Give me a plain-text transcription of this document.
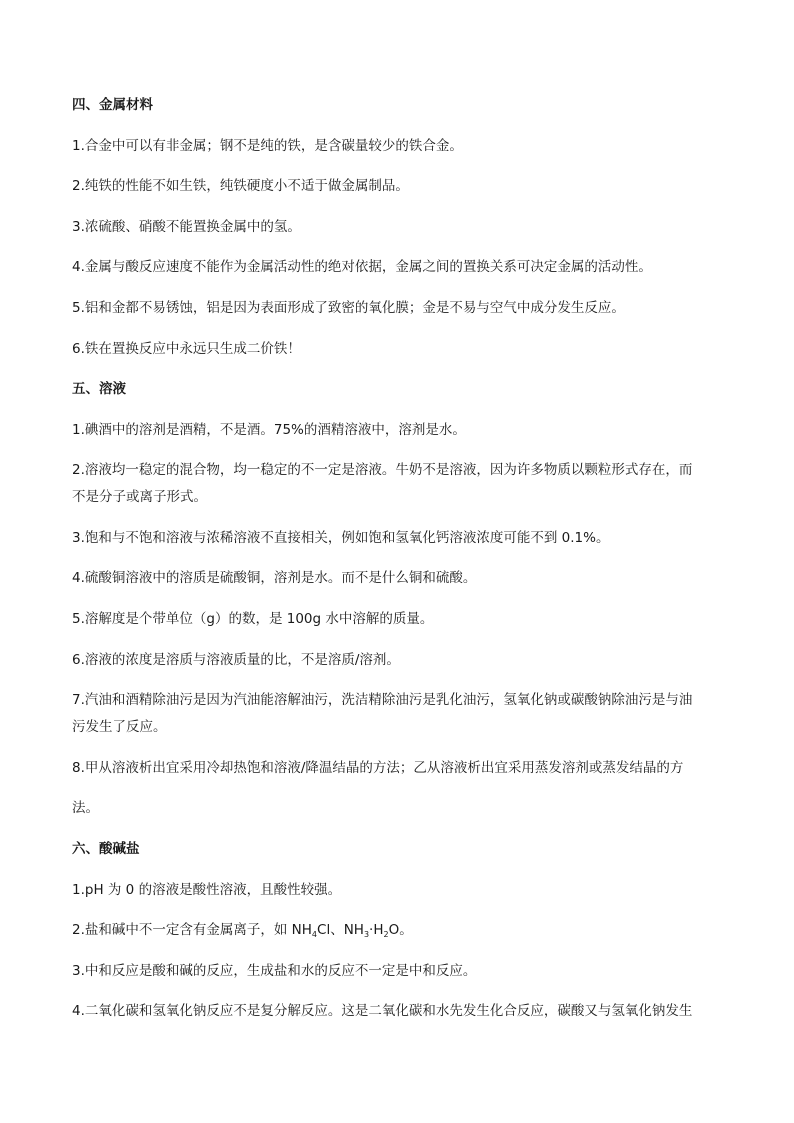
四、金属材料
1.合金中可以有非金属；钢不是纯的铁，是含碳量较少的铁合金。
2.纯铁的性能不如生铁，纯铁硬度小不适于做金属制品。
3.浓硫酸、硝酸不能置换金属中的氢。
4.金属与酸反应速度不能作为金属活动性的绝对依据，金属之间的置换关系可决定金属的活动性。
5.铝和金都不易锈蚀，铝是因为表面形成了致密的氧化膜；金是不易与空气中成分发生反应。
6.铁在置换反应中永远只生成二价铁！
五、溶液
1.碘酒中的溶剂是酒精，不是酒。75%的酒精溶液中，溶剂是水。
2.溶液均一稳定的混合物，均一稳定的不一定是溶液。牛奶不是溶液，因为许多物质以颗粒形式存在，而
不是分子或离子形式。
3.饱和与不饱和溶液与浓稀溶液不直接相关，例如饱和氢氧化钙溶液浓度可能不到 0.1%。
4.硫酸铜溶液中的溶质是硫酸铜，溶剂是水。而不是什么铜和硫酸。
5.溶解度是个带单位（g）的数，是 100g 水中溶解的质量。
6.溶液的浓度是溶质与溶液质量的比，不是溶质/溶剂。
7.汽油和酒精除油污是因为汽油能溶解油污，洗洁精除油污是乳化油污，氢氧化钠或碳酸钠除油污是与油
污发生了反应。
8.甲从溶液析出宜采用冷却热饱和溶液/降温结晶的方法；乙从溶液析出宜采用蒸发溶剂或蒸发结晶的方
法。
六、酸碱盐
1.pH 为 0 的溶液是酸性溶液，且酸性较强。
2.盐和碱中不一定含有金属离子，如 $NH_4Cl$、$NH_3\cdot H_2O$。
3.中和反应是酸和碱的反应，生成盐和水的反应不一定是中和反应。
4.二氧化碳和氢氧化钠反应不是复分解反应。这是二氧化碳和水先发生化合反应，碳酸又与氢氧化钠发生
